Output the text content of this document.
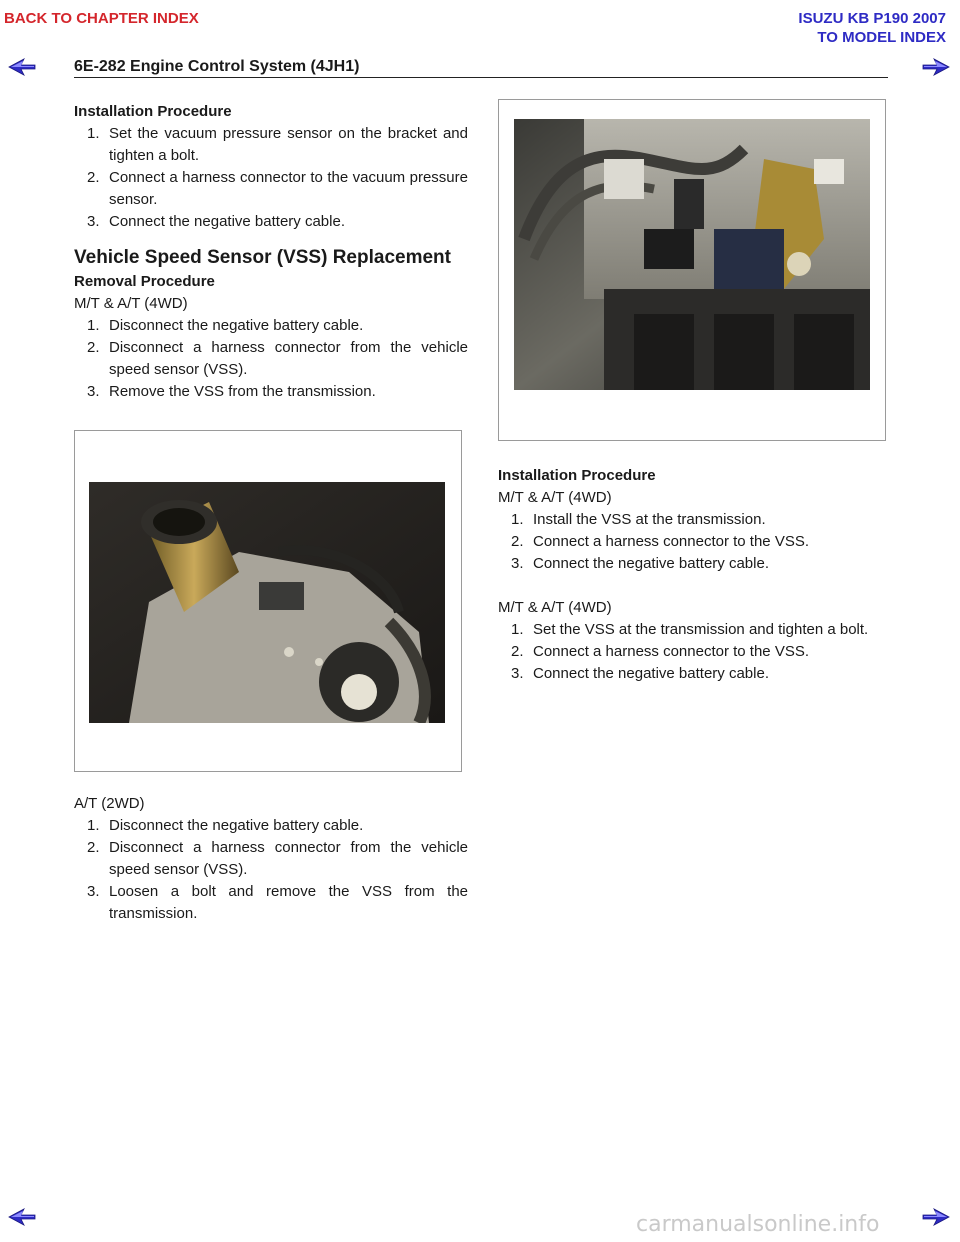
BACK TO CHAPTER INDEX	ISUZU KB P190 2007
TO MODEL INDEX
6E-282 Engine Control System (4JH1)
Installation Procedure
1. Set the vacuum pressure sensor on the bracket and tighten a bolt.
2. Connect a harness connector to the vacuum pressure sensor.
3. Connect the negative battery cable.
Vehicle Speed Sensor (VSS) Replacement
Removal Procedure
M/T & A/T (4WD)
1. Disconnect the negative battery cable.
2. Disconnect a harness connector from the vehicle speed sensor (VSS).
3. Remove the VSS from the transmission.
A/T (2WD)
1. Disconnect the negative battery cable.
2. Disconnect a harness connector from the vehicle speed sensor (VSS).
3. Loosen a bolt and remove the VSS from the transmission.
Installation Procedure
M/T & A/T (4WD)
1. Install the VSS at the transmission.
2. Connect a harness connector to the VSS.
3. Connect the negative battery cable.
M/T & A/T (4WD)
1. Set the VSS at the transmission and tighten a bolt.
2. Connect a harness connector to the VSS.
3. Connect the negative battery cable.
carmanualsonline.info
